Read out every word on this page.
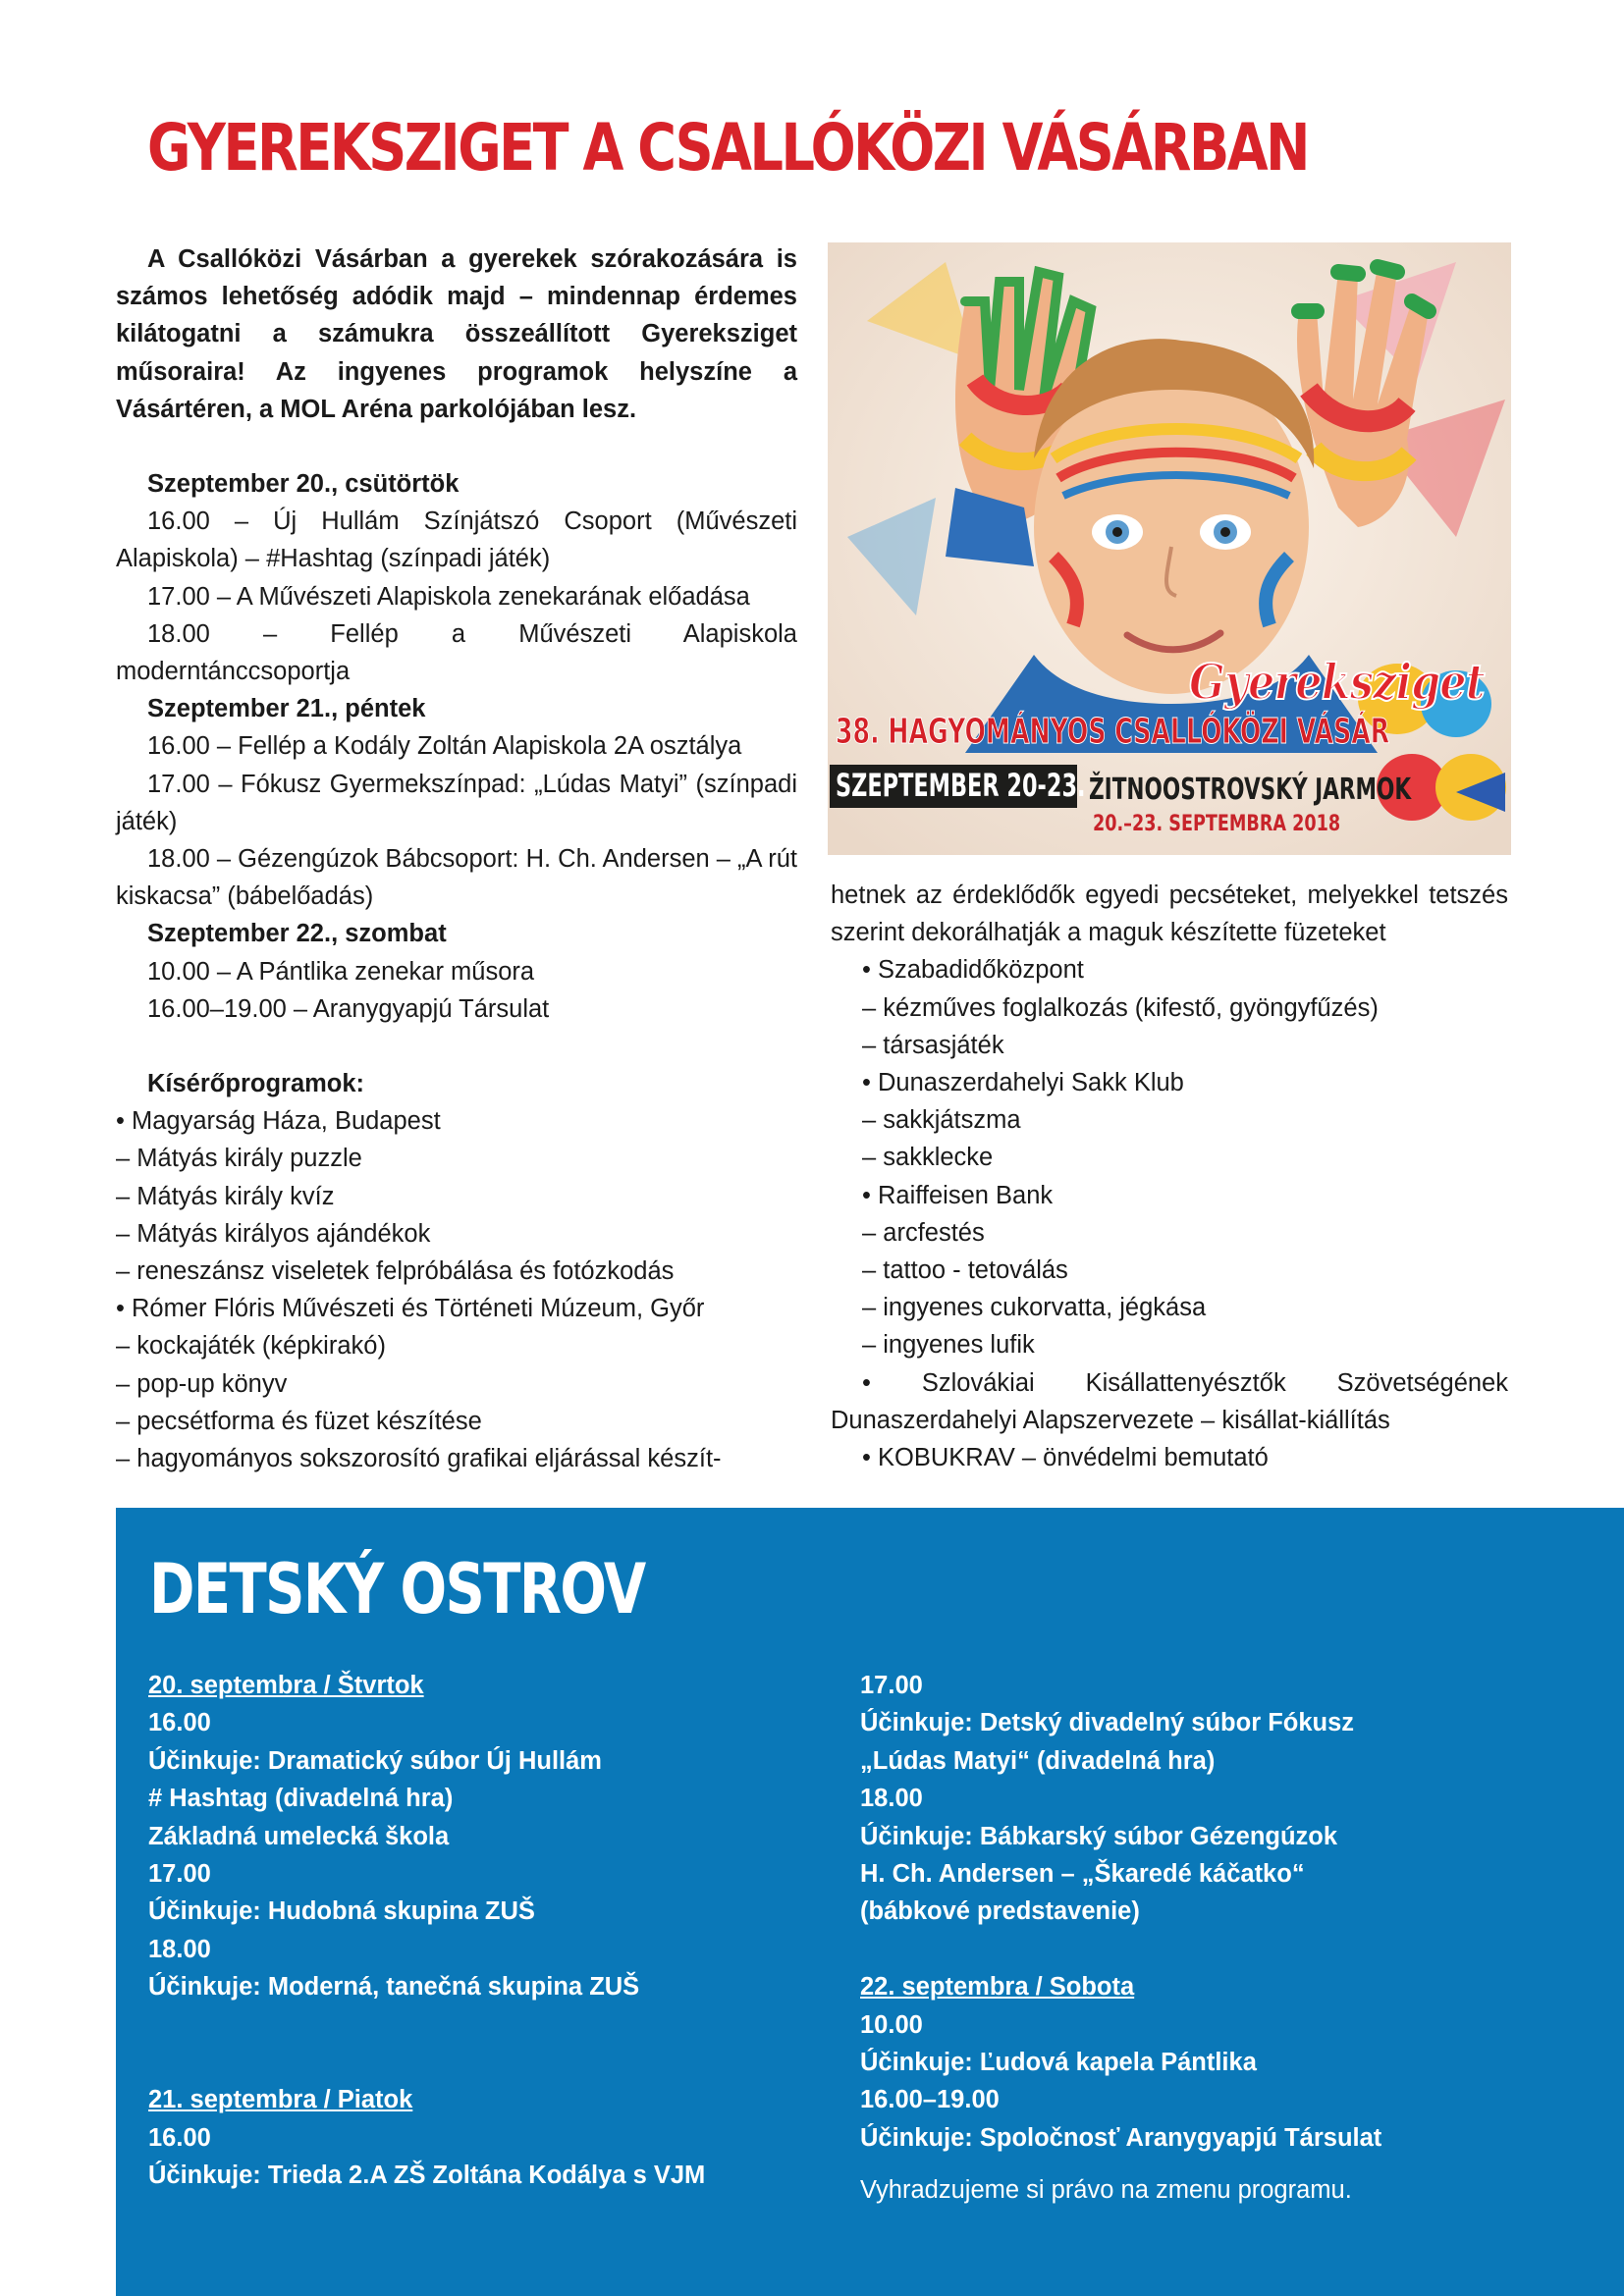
GYEREKSZIGET A CSALLÓKÖZI VÁSÁRBAN

A Csallóközi Vásárban a gyerekek szórakozására is számos lehetőség adódik majd – mindennap érdemes kilátogatni a számukra összeállított Gyereksziget műsoraira! Az ingyenes programok helyszíne a Vásártéren, a MOL Aréna parkolójában lesz.

Szeptember 20., csütörtök

16.00 – Új Hullám Színjátszó Csoport (Művészeti Alapiskola) – #Hashtag (színpadi játék)

17.00 – A Művészeti Alapiskola zenekarának előadása

18.00 – Fellép a Művészeti Alapiskola moderntánccsoportja

Szeptember 21., péntek

16.00 – Fellép a Kodály Zoltán Alapiskola 2A osztálya

17.00 – Fókusz Gyermekszínpad: „Lúdas Matyi” (színpadi játék)

18.00 – Gézengúzok Bábcsoport: H. Ch. Andersen – „A rút kiskacsa” (bábelőadás)

Szeptember 22., szombat

10.00 – A Pántlika zenekar műsora

16.00–19.00 – Aranygyapjú Társulat

Kísérőprogramok:
• Magyarság Háza, Budapest
– Mátyás király puzzle
– Mátyás király kvíz
– Mátyás királyos ajándékok
– reneszánsz viseletek felpróbálása és fotózkodás
• Rómer Flóris Művészeti és Történeti Múzeum, Győr
– kockajáték (képkirakó)
– pop-up könyv
– pecsétforma és füzet készítése
– hagyományos sokszorosító grafikai eljárással készít-
Gyereksziget
38. HAGYOMÁNYOS CSALLÓKÖZI VÁSÁR
SZEPTEMBER 20-23. ŽITNOOSTROVSKÝ JARMOK
20.–23. SEPTEMBRA 2018

hetnek az érdeklődők egyedi pecséteket, melyekkel tetszés szerint dekorálhatják a maguk készítette füzeteket

• Szabadidőközpont
– kézműves foglalkozás (kifestő, gyöngyfűzés)
– társasjáték
• Dunaszerdahelyi Sakk Klub
– sakkjátszma
– sakklecke
• Raiffeisen Bank
– arcfestés
– tattoo - tetoválás
– ingyenes cukorvatta, jégkása
– ingyenes lufik

• Szlovákiai Kisállattenyésztők Szövetségének Dunaszerdahelyi Alapszervezete – kisállat-kiállítás

• KOBUKRAV – önvédelmi bemutató
DETSKÝ OSTROV
20. septembra / Štvrtok
16.00
Účinkuje: Dramatický súbor Új Hullám
# Hashtag (divadelná hra)
Základná umelecká škola
17.00
Účinkuje: Hudobná skupina ZUŠ
18.00
Účinkuje: Moderná, tanečná skupina ZUŠ
21. septembra / Piatok
16.00
Účinkuje: Trieda 2.A ZŠ Zoltána Kodálya s VJM
17.00
Účinkuje: Detský divadelný súbor Fókusz
„Lúdas Matyi“ (divadelná hra)
18.00
Účinkuje: Bábkarský súbor Gézengúzok
H. Ch. Andersen – „Škaredé káčatko“
(bábkové predstavenie)
22. septembra / Sobota
10.00
Účinkuje: Ľudová kapela Pántlika
16.00–19.00
Účinkuje: Spoločnosť Aranygyapjú Társulat
Vyhradzujeme si právo na zmenu programu.
